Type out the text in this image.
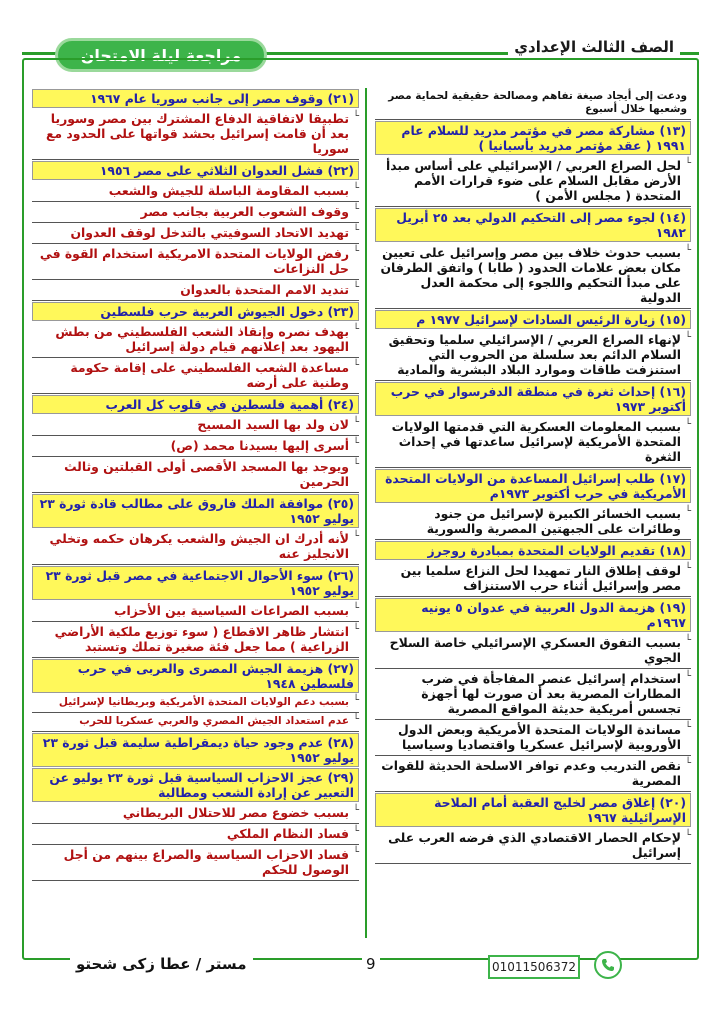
الصف الثالث الإعدادي
مراجعة ليلة الامتحان
ودعت إلى أيجاد صيغة تفاهم ومصالحة حقيقية لحماية مصر وشعبها خلال أسبوع
(١٣) مشاركة مصر في مؤتمر مدريد للسلام عام ١٩٩١ ( عقد مؤتمر مدريد بأسبانيا )
└ لحل الصراع العربي / الإسرائيلي على أساس مبدأ الأرض مقابل السلام على ضوء قرارات الأمم المتحدة ( مجلس الأمن )
(١٤) لجوء مصر إلى التحكيم الدولي بعد ٢٥ أبريل ١٩٨٢
└ بسبب حدوث خلاف بين مصر وإسرائيل على تعيين مكان بعض علامات الحدود ( طابا ) واتفق الطرفان على مبدأ التحكيم واللجوء إلى محكمة العدل الدولية
(١٥) زيارة الرئيس السادات لإسرائيل ١٩٧٧ م
└ لإنهاء الصراع العربي / الإسرائيلي سلميا وتحقيق السلام الدائم بعد سلسلة من الحروب التي استنزفت طاقات وموارد البلاد البشرية والمادية
(١٦) إحداث ثغرة في منطقة الدفرسوار في حرب أكتوبر ١٩٧٣
└ بسبب المعلومات العسكرية التي قدمتها الولايات المتحدة الأمريكية لإسرائيل ساعدتها في إحداث الثغرة
(١٧) طلب إسرائيل المساعدة من الولايات المتحدة الأمريكية في حرب أكتوبر ١٩٧٣م
└ بسبب الخسائر الكبيرة لإسرائيل من جنود وطائرات على الجبهتين المصرية والسورية
(١٨) تقديم الولايات المتحدة بمبادرة روجرز
└ لوقف إطلاق النار تمهيدا لحل النزاع سلميا بين مصر وإسرائيل أثناء حرب الاستنزاف
(١٩) هزيمة الدول العربية في عدوان ٥ يونيه ١٩٦٧م
└ بسبب التفوق العسكري الإسرائيلي خاصة السلاح الجوي
└ استخدام إسرائيل عنصر المفاجأة في ضرب المطارات المصرية بعد أن صورت لها أجهزة تجسس أمريكية حديثة المواقع المصرية
└ مساندة الولايات المتحدة الأمريكية وبعض الدول الأوروبية لإسرائيل عسكريا واقتصاديا وسياسيا
└ نقص التدريب وعدم توافر الاسلحة الحديثة للقوات المصرية
(٢٠) إغلاق مصر لخليج العقبة أمام الملاحة الإسرائيلية ١٩٦٧
└ لإحكام الحصار الاقتصادي الذي فرضه العرب على إسرائيل
(٢١) وقوف مصر إلى جانب سوريا عام ١٩٦٧
└ تطبيقا لاتفاقية الدفاع المشترك بين مصر وسوريا بعد أن قامت إسرائيل بحشد قواتها على الحدود مع سوريا
(٢٢) فشل العدوان الثلاثي على مصر ١٩٥٦
└ بسبب المقاومة الباسلة للجيش والشعب
└ وقوف الشعوب العربية بجانب مصر
└ تهديد الاتحاد السوفيتي بالتدخل لوقف العدوان
└ رفض الولايات المتحدة الامريكية استخدام القوة في حل النزاعات
└ تنديد الامم المتحدة بالعدوان
(٢٣) دخول الجيوش العربية حرب فلسطين
└ بهدف نصره وإنقاذ الشعب الفلسطيني من بطش اليهود بعد إعلانهم قيام دولة إسرائيل
└ مساعدة الشعب الفلسطيني على إقامة حكومة وطنية على أرضه
(٢٤) أهمية فلسطين في قلوب كل العرب
└ لان ولد بها السيد المسيح
└ أسرى إليها بسيدنا محمد (ص)
└ ويوجد بها المسجد الأقصى أولى القبلتين وثالث الحرمين
(٢٥) موافقة الملك فاروق على مطالب قادة ثورة ٢٣ يوليو ١٩٥٢
└ لأنه أدرك ان الجيش والشعب يكرهان حكمه وتخلي الانجليز عنه
(٢٦) سوء الأحوال الاجتماعية في مصر قبل ثورة ٢٣ يوليو ١٩٥٢
└ بسبب الصراعات السياسية بين الأحزاب
└ انتشار ظاهر الاقطاع ( سوء توزيع ملكية الأراضي الزراعية ) مما جعل فئة صغيرة تملك وتستبد
(٢٧) هزيمة الجيش المصرى والعربى في حرب فلسطين ١٩٤٨
└ بسبب دعم الولايات المتحدة الأمريكية وبريطانيا لإسرائيل
└ عدم استعداد الجيش المصري والعربي عسكريا للحرب
(٢٨) عدم وجود حياة ديمقراطية سليمة قبل ثورة ٢٣ يوليو ١٩٥٢
(٢٩) عجز الاحزاب السياسية قبل ثورة ٢٣ يوليو عن التعبير عن إرادة الشعب ومطالبة
└ بسبب خضوع مصر للاحتلال البريطاني
└ فساد النظام الملكي
└ فساد الاحزاب السياسية والصراع بينهم من أجل الوصول للحكم
مستر / عطا زكى شحتو	9	01011506372
